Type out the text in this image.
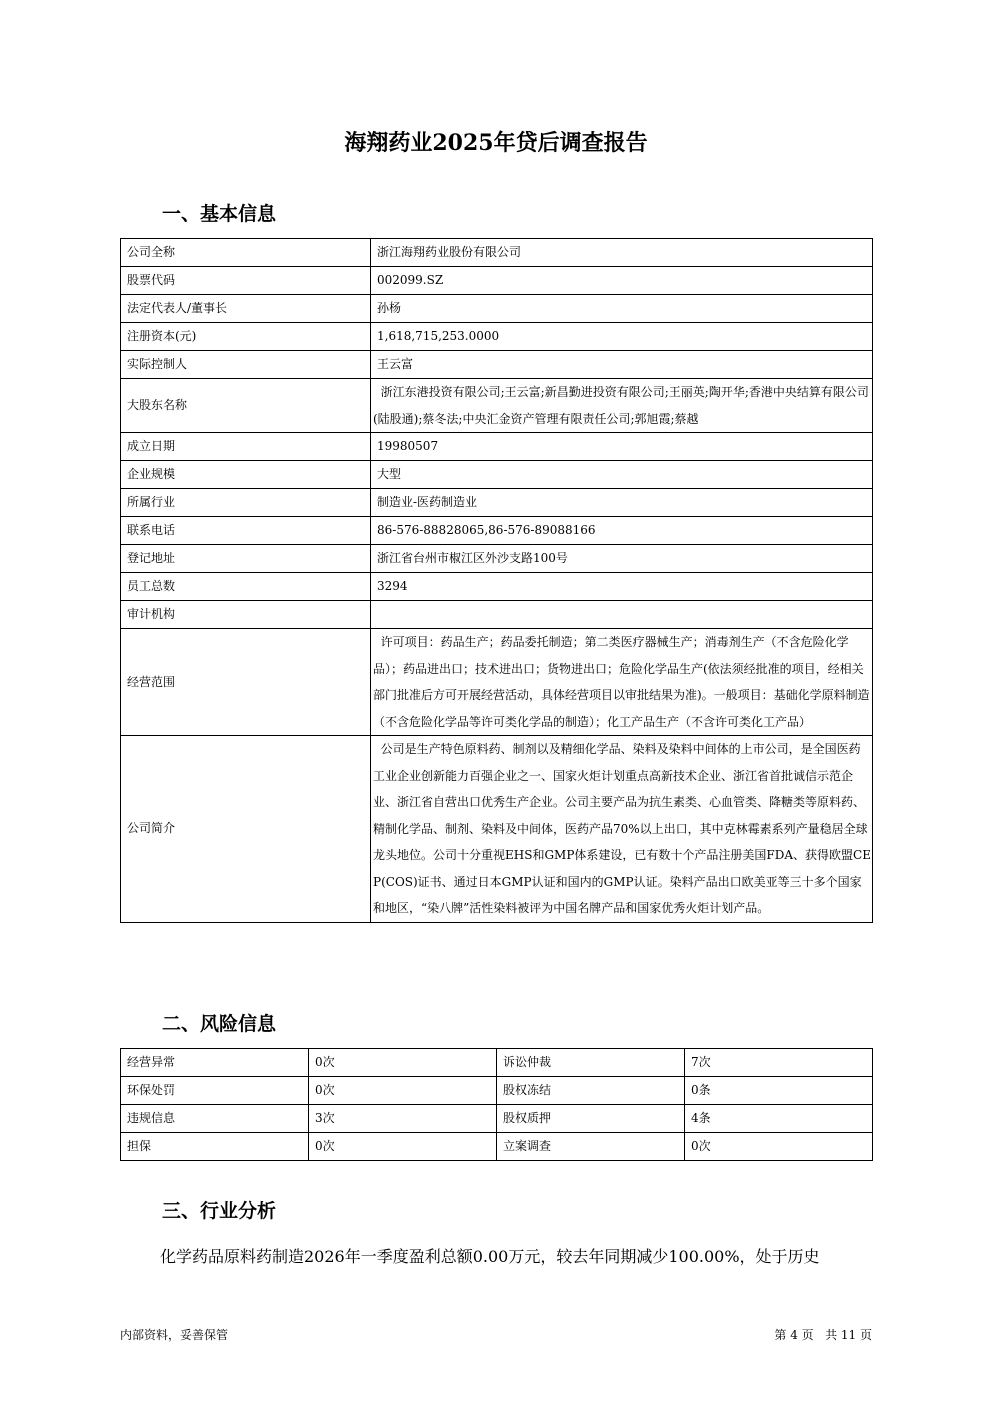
海翔药业2025年贷后调查报告
一、基本信息
公司全称	浙江海翔药业股份有限公司
股票代码	002099.SZ
法定代表人/董事长	孙杨
注册资本(元)	1,618,715,253.0000
实际控制人	王云富
大股东名称	浙江东港投资有限公司;王云富;新昌勤进投资有限公司;王丽英;陶开华;香港中央结算有限公司(陆股通);蔡冬法;中央汇金资产管理有限责任公司;郭旭霞;蔡越
成立日期	19980507
企业规模	大型
所属行业	制造业-医药制造业
联系电话	86-576-88828065,86-576-89088166
登记地址	浙江省台州市椒江区外沙支路100号
员工总数	3294
审计机构	
经营范围	许可项目：药品生产；药品委托制造；第二类医疗器械生产；消毒剂生产（不含危险化学品）；药品进出口；技术进出口；货物进出口；危险化学品生产(依法须经批准的项目，经相关部门批准后方可开展经营活动，具体经营项目以审批结果为准)。一般项目：基础化学原料制造（不含危险化学品等许可类化学品的制造）；化工产品生产（不含许可类化工产品）
公司简介	公司是生产特色原料药、制剂以及精细化学品、染料及染料中间体的上市公司，是全国医药工业企业创新能力百强企业之一、国家火炬计划重点高新技术企业、浙江省首批诚信示范企业、浙江省自营出口优秀生产企业。公司主要产品为抗生素类、心血管类、降糖类等原料药、精制化学品、制剂、染料及中间体，医药产品70%以上出口，其中克林霉素系列产量稳居全球龙头地位。公司十分重视EHS和GMP体系建设，已有数十个产品注册美国FDA、获得欧盟CEP(COS)证书、通过日本GMP认证和国内的GMP认证。染料产品出口欧美亚等三十多个国家和地区，“染八牌”活性染料被评为中国名牌产品和国家优秀火炬计划产品。
二、风险信息
经营异常	0次	诉讼仲裁	7次
环保处罚	0次	股权冻结	0条
违规信息	3次	股权质押	4条
担保	0次	立案调查	0次
三、行业分析

化学药品原料药制造2026年一季度盈利总额0.00万元，较去年同期减少100.00%，处于历史

内部资料，妥善保管	第 4 页   共 11 页
